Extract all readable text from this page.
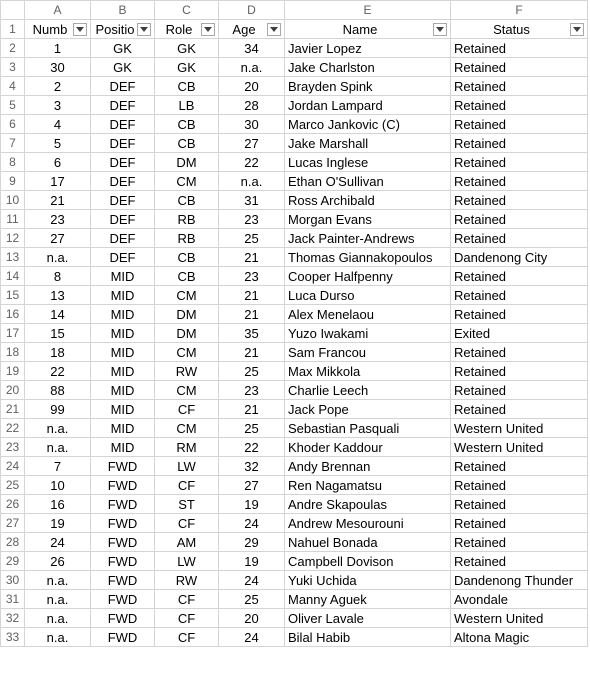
	A	B	C	D	E	F
1	Numb	Positio	Role	Age	Name	Status

2	1	GK	GK	34	Javier Lopez	Retained
3	30	GK	GK	n.a.	Jake Charlston	Retained
4	2	DEF	CB	20	Brayden Spink	Retained
5	3	DEF	LB	28	Jordan Lampard	Retained
6	4	DEF	CB	30	Marco Jankovic (C)	Retained
7	5	DEF	CB	27	Jake Marshall	Retained
8	6	DEF	DM	22	Lucas Inglese	Retained
9	17	DEF	CM	n.a.	Ethan O'Sullivan	Retained
10	21	DEF	CB	31	Ross Archibald	Retained
11	23	DEF	RB	23	Morgan Evans	Retained
12	27	DEF	RB	25	Jack Painter-Andrews	Retained
13	n.a.	DEF	CB	21	Thomas Giannakopoulos	Dandenong City
14	8	MID	CB	23	Cooper Halfpenny	Retained
15	13	MID	CM	21	Luca Durso	Retained
16	14	MID	DM	21	Alex Menelaou	Retained
17	15	MID	DM	35	Yuzo Iwakami	Exited
18	18	MID	CM	21	Sam Francou	Retained
19	22	MID	RW	25	Max Mikkola	Retained
20	88	MID	CM	23	Charlie Leech	Retained
21	99	MID	CF	21	Jack Pope	Retained
22	n.a.	MID	CM	25	Sebastian Pasquali	Western United
23	n.a.	MID	RM	22	Khoder Kaddour	Western United
24	7	FWD	LW	32	Andy Brennan	Retained
25	10	FWD	CF	27	Ren Nagamatsu	Retained
26	16	FWD	ST	19	Andre Skapoulas	Retained
27	19	FWD	CF	24	Andrew Mesourouni	Retained
28	24	FWD	AM	29	Nahuel Bonada	Retained
29	26	FWD	LW	19	Campbell Dovison	Retained
30	n.a.	FWD	RW	24	Yuki Uchida	Dandenong Thunder
31	n.a.	FWD	CF	25	Manny Aguek	Avondale
32	n.a.	FWD	CF	20	Oliver Lavale	Western United
33	n.a.	FWD	CF	24	Bilal Habib	Altona Magic
